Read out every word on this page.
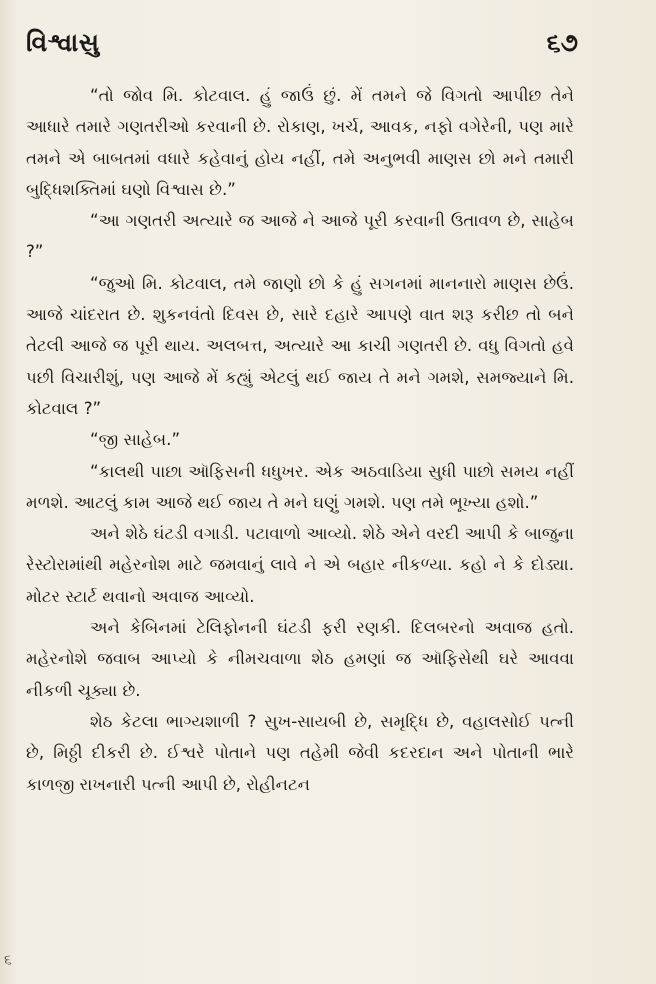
વિશ્વાસુ	૬૭

“તો જોવ મિ. કોટવાલ. હું જાઉં છું. મેં તમને જે વિગતો આપીછ તેને આધારે તમારે ગણતરીઓ કરવાની છે. રોકાણ, ખર્ચ, આવક, નફો વગેરેની, પણ મારે તમને એ બાબતમાં વધારે કહેવાનું હોય નહીં, તમે અનુભવી માણસ છો મને તમારી બુદ્ધિશક્તિમાં ઘણો વિશ્વાસ છે.”

“આ ગણતરી અત્યારે જ આજે ને આજે પૂરી કરવાની ઉતાવળ છે, સાહેબ ?”

“જુઓ મિ. કોટવાલ, તમે જાણો છો કે હું સગનમાં માનનારો માણસ છેઉં. આજે ચાંદરાત છે. શુકનવંતો દિવસ છે, સારે દહારે આપણે વાત શરૂ કરીછ તો બને તેટલી આજે જ પૂરી થાય. અલબત્ત, અત્યારે આ કાચી ગણતરી છે. વધુ વિગતો હવે પછી વિચારીશું, પણ આજે મેં કહ્યું એટલું થઈ જાય તે મને ગમશે, સમજ્યાને મિ. કોટવાલ ?”

“જી સાહેબ.”

“કાલથી પાછા ઑફિસની ધધુખર. એક અઠવાડિયા સુધી પાછો સમય નહીં મળશે. આટલું કામ આજે થઈ જાય તે મને ઘણું ગમશે. પણ તમે ભૂખ્યા હશો.”

અને શેઠે ઘંટડી વગાડી. પટાવાળો આવ્યો. શેઠે એને વરદી આપી કે બાજુના રેસ્ટોરામાંથી મહેરનોશ માટે જમવાનું લાવે ને એ બહાર નીકળ્યા. કહો ને કે દોડ્યા. મોટર સ્ટાર્ટ થવાનો અવાજ આવ્યો.

અને કેબિનમાં ટેલિફોનની ઘંટડી ફરી રણકી. દિલબરનો અવાજ હતો. મહેરનોશે જવાબ આપ્યો કે નીમચવાળા શેઠ હમણાં જ ઑફિસેથી ઘરે આવવા નીકળી ચૂક્યા છે.

શેઠ કેટલા ભાગ્યશાળી ? સુખ-સાયબી છે, સમૃદ્ધિ છે, વહાલસોઈ પત્ની છે, મિઠ્ઠી દીકરી છે. ઈશ્વરે પોતાને પણ તહેમી જેવી કદરદાન અને પોતાની ભારે કાળજી રાખનારી પત્ની આપી છે, રોહીનટન

૬
